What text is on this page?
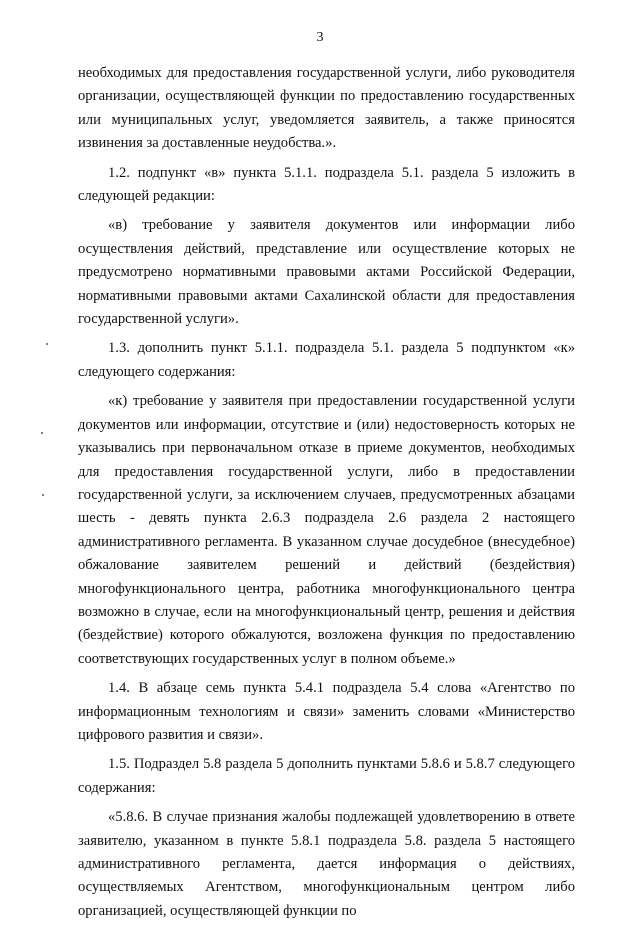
3

необходимых для предоставления государственной услуги, либо руководителя организации, осуществляющей функции по предоставлению государственных или муниципальных услуг, уведомляется заявитель, а также приносятся извинения за доставленные неудобства.».

1.2. подпункт «в» пункта 5.1.1. подраздела 5.1. раздела 5 изложить в следующей редакции:

«в) требование у заявителя документов или информации либо осуществления действий, представление или осуществление которых не предусмотрено нормативными правовыми актами Российской Федерации, нормативными правовыми актами Сахалинской области для предоставления государственной услуги».

1.3. дополнить пункт 5.1.1. подраздела 5.1. раздела 5 подпунктом «к» следующего содержания:

«к) требование у заявителя при предоставлении государственной услуги документов или информации, отсутствие и (или) недостоверность которых не указывались при первоначальном отказе в приеме документов, необходимых для предоставления государственной услуги, либо в предоставлении государственной услуги, за исключением случаев, предусмотренных абзацами шесть - девять пункта 2.6.3 подраздела 2.6 раздела 2 настоящего административного регламента. В указанном случае досудебное (внесудебное) обжалование заявителем решений и действий (бездействия) многофункционального центра, работника многофункционального центра возможно в случае, если на многофункциональный центр, решения и действия (бездействие) которого обжалуются, возложена функция по предоставлению соответствующих государственных услуг в полном объеме.»

1.4. В абзаце семь пункта 5.4.1 подраздела 5.4 слова «Агентство по информационным технологиям и связи» заменить словами «Министерство цифрового развития и связи».

1.5. Подраздел 5.8 раздела 5 дополнить пунктами 5.8.6 и 5.8.7 следующего содержания:

«5.8.6. В случае признания жалобы подлежащей удовлетворению в ответе заявителю, указанном в пункте 5.8.1 подраздела 5.8. раздела 5 настоящего административного регламента, дается информация о действиях, осуществляемых Агентством, многофункциональным центром либо организацией, осуществляющей функции по
